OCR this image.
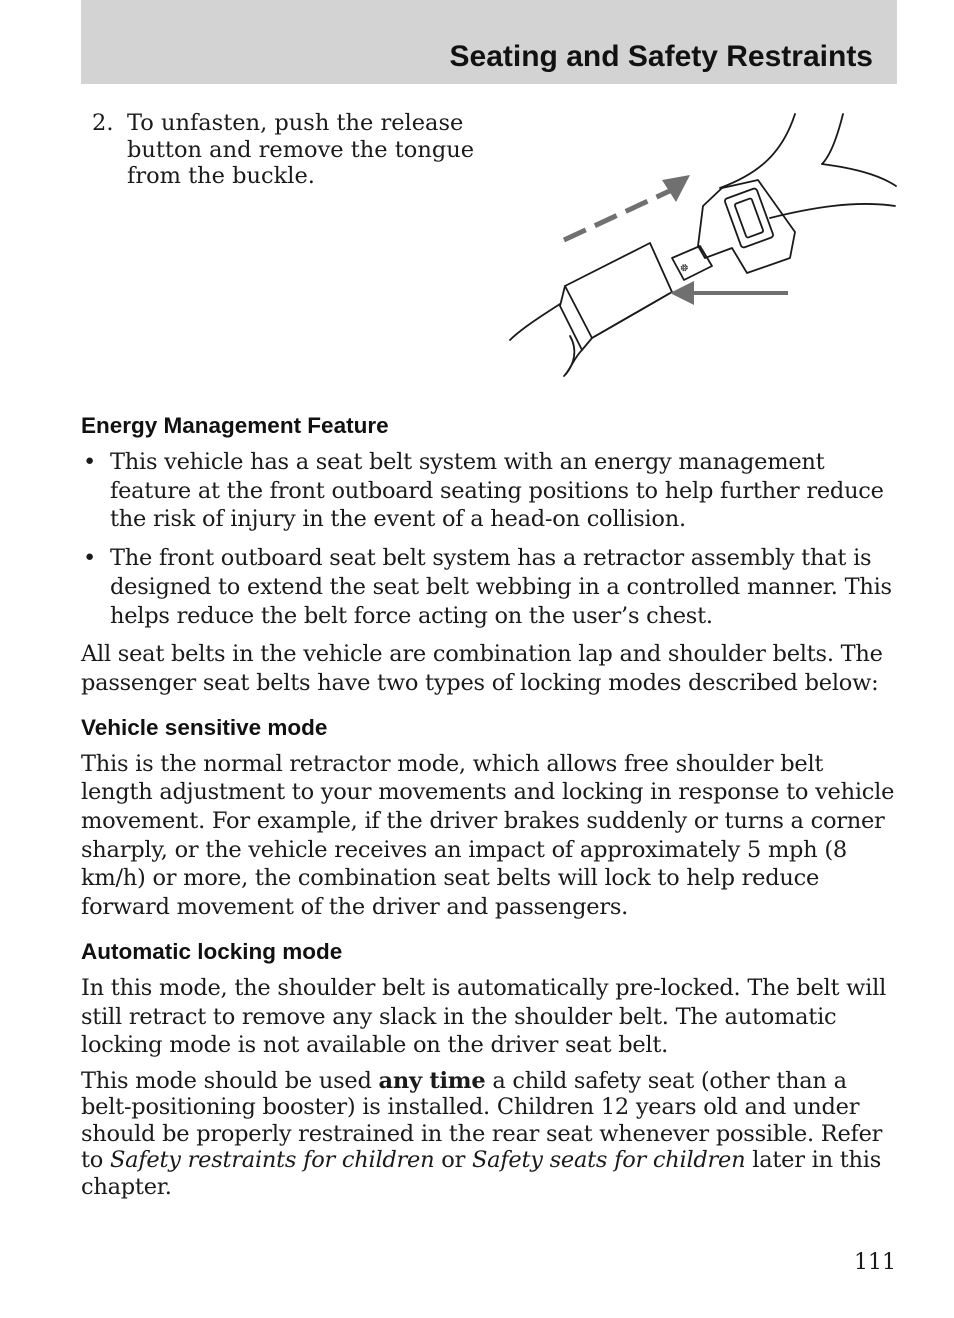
Seating and Safety Restraints
2. To unfasten, push the release button and remove the tongue from the buckle.
☸
Energy Management Feature
• This vehicle has a seat belt system with an energy management feature at the front outboard seating positions to help further reduce the risk of injury in the event of a head-on collision.
• The front outboard seat belt system has a retractor assembly that is designed to extend the seat belt webbing in a controlled manner. This helps reduce the belt force acting on the user’s chest.

All seat belts in the vehicle are combination lap and shoulder belts. The passenger seat belts have two types of locking modes described below:

Vehicle sensitive mode

This is the normal retractor mode, which allows free shoulder belt length adjustment to your movements and locking in response to vehicle movement. For example, if the driver brakes suddenly or turns a corner sharply, or the vehicle receives an impact of approximately 5 mph (8 km/h) or more, the combination seat belts will lock to help reduce forward movement of the driver and passengers.

Automatic locking mode

In this mode, the shoulder belt is automatically pre-locked. The belt will still retract to remove any slack in the shoulder belt. The automatic locking mode is not available on the driver seat belt.

This mode should be used any time a child safety seat (other than a belt-positioning booster) is installed. Children 12 years old and under should be properly restrained in the rear seat whenever possible. Refer to Safety restraints for children or Safety seats for children later in this chapter.

111
